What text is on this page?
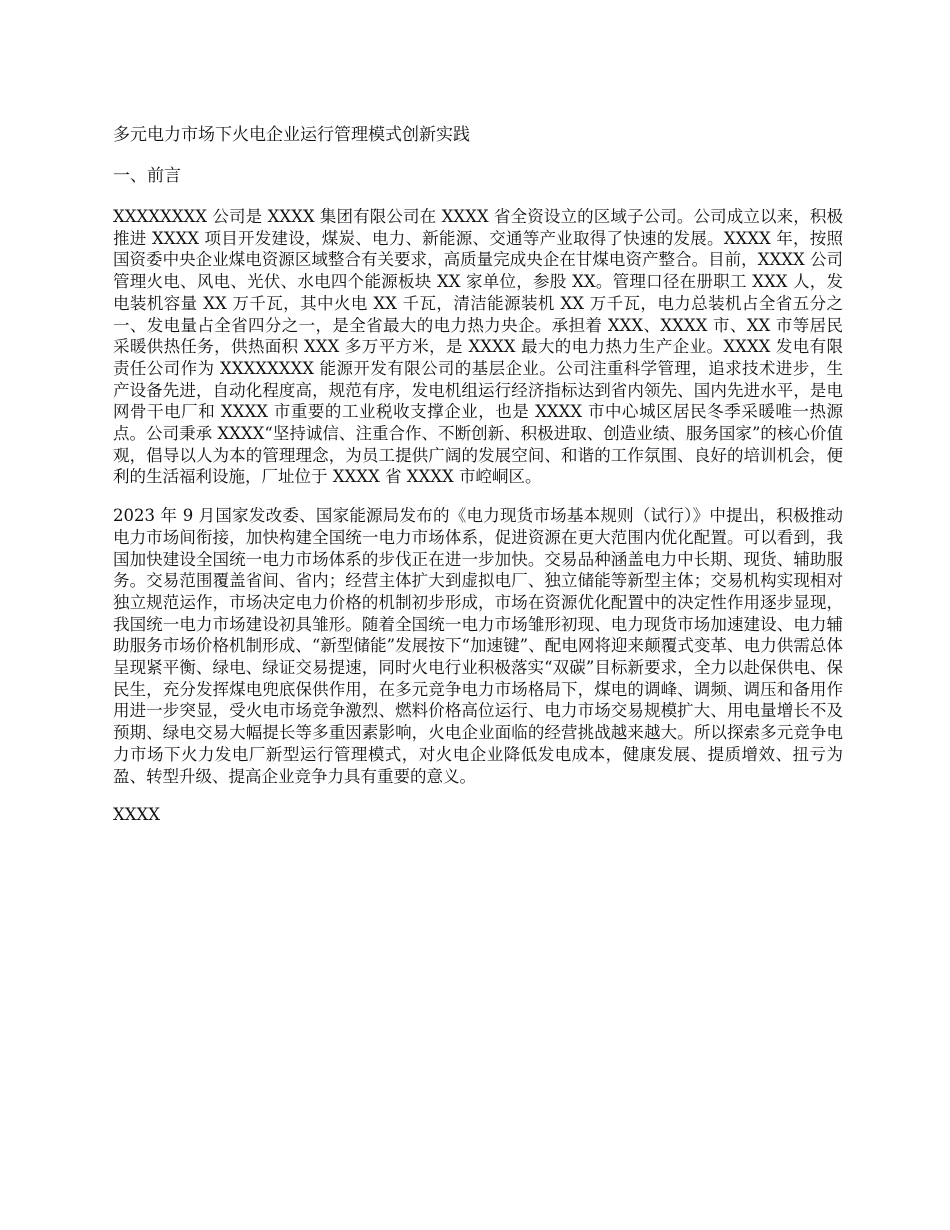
多元电力市场下火电企业运行管理模式创新实践
一、前言

XXXXXXXX 公司是 XXXX 集团有限公司在 XXXX 省全资设立的区域子公司。公司成立以来，积极推进 XXXX 项目开发建设，煤炭、电力、新能源、交通等产业取得了快速的发展。XXXX 年，按照国资委中央企业煤电资源区域整合有关要求，高质量完成央企在甘煤电资产整合。目前，XXXX 公司管理火电、风电、光伏、水电四个能源板块 XX 家单位，参股 XX。管理口径在册职工 XXX 人，发电装机容量 XX 万千瓦，其中火电 XX 千瓦，清洁能源装机 XX 万千瓦，电力总装机占全省五分之一、发电量占全省四分之一，是全省最大的电力热力央企。承担着 XXX、XXXX 市、XX 市等居民采暖供热任务，供热面积 XXX 多万平方米，是 XXXX 最大的电力热力生产企业。XXXX 发电有限责任公司作为 XXXXXXXX 能源开发有限公司的基层企业。公司注重科学管理，追求技术进步，生产设备先进，自动化程度高，规范有序，发电机组运行经济指标达到省内领先、国内先进水平，是电网骨干电厂和 XXXX 市重要的工业税收支撑企业，也是 XXXX 市中心城区居民冬季采暖唯一热源点。公司秉承 XXXX“坚持诚信、注重合作、不断创新、积极进取、创造业绩、服务国家”的核心价值观，倡导以人为本的管理理念，为员工提供广阔的发展空间、和谐的工作氛围、良好的培训机会，便利的生活福利设施，厂址位于 XXXX 省 XXXX 市崆峒区。

2023 年 9 月国家发改委、国家能源局发布的《电力现货市场基本规则（试行）》中提出，积极推动电力市场间衔接，加快构建全国统一电力市场体系，促进资源在更大范围内优化配置。可以看到，我国加快建设全国统一电力市场体系的步伐正在进一步加快。交易品种涵盖电力中长期、现货、辅助服务。交易范围覆盖省间、省内；经营主体扩大到虚拟电厂、独立储能等新型主体；交易机构实现相对独立规范运作，市场决定电力价格的机制初步形成，市场在资源优化配置中的决定性作用逐步显现，我国统一电力市场建设初具雏形。随着全国统一电力市场雏形初现、电力现货市场加速建设、电力辅助服务市场价格机制形成、“新型储能”发展按下“加速键”、配电网将迎来颠覆式变革、电力供需总体呈现紧平衡、绿电、绿证交易提速，同时火电行业积极落实“双碳”目标新要求，全力以赴保供电、保民生，充分发挥煤电兜底保供作用，在多元竞争电力市场格局下，煤电的调峰、调频、调压和备用作用进一步突显，受火电市场竞争激烈、燃料价格高位运行、电力市场交易规模扩大、用电量增长不及预期、绿电交易大幅提长等多重因素影响，火电企业面临的经营挑战越来越大。所以探索多元竞争电力市场下火力发电厂新型运行管理模式，对火电企业降低发电成本，健康发展、提质增效、扭亏为盈、转型升级、提高企业竞争力具有重要的意义。

XXXX
